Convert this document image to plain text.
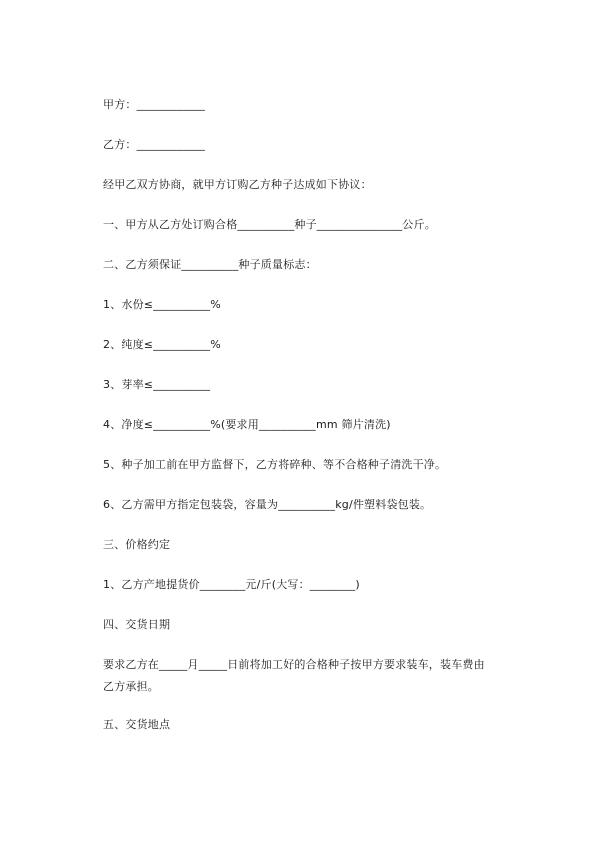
甲方：____________
乙方：____________
经甲乙双方协商，就甲方订购乙方种子达成如下协议：
一、甲方从乙方处订购合格__________种子_______________公斤。
二、乙方须保证__________种子质量标志：
1、水份≤__________%
2、纯度≤__________%
3、芽率≤__________
4、净度≤__________%(要求用__________mm 筛片清洗)
5、种子加工前在甲方监督下，乙方将碎种、等不合格种子清洗干净。
6、乙方需甲方指定包装袋，容量为__________kg/件塑料袋包装。
三、价格约定
1、乙方产地提货价________元/斤(大写：________)
四、交货日期
要求乙方在_____月_____日前将加工好的合格种子按甲方要求装车，装车费由乙方承担。
五、交货地点
